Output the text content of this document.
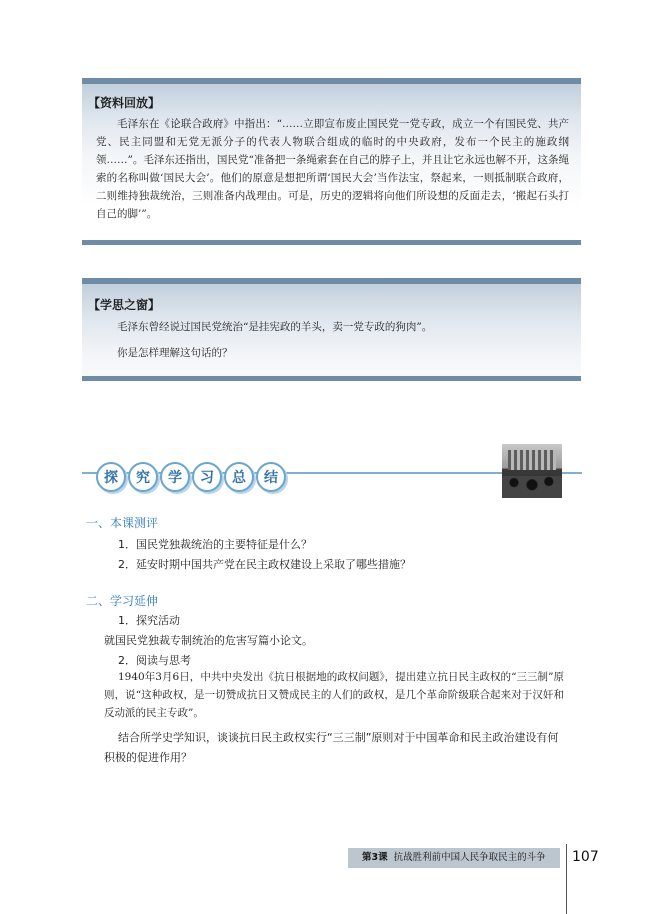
【资料回放】

毛泽东在《论联合政府》中指出：“……立即宣布废止国民党一党专政，成立一个有国民党、共产党、民主同盟和无党无派分子的代表人物联合组成的临时的中央政府，发布一个民主的施政纲领……”。毛泽东还指出，国民党“准备把一条绳索套在自己的脖子上，并且让它永远也解不开，这条绳索的名称叫做‘国民大会’。他们的原意是想把所谓‘国民大会’当作法宝，祭起来，一则抵制联合政府，二则维持独裁统治，三则准备内战理由。可是，历史的逻辑将向他们所设想的反面走去，‘搬起石头打自己的脚’”。

【学思之窗】

毛泽东曾经说过国民党统治“是挂宪政的羊头，卖一党专政的狗肉”。

你是怎样理解这句话的？

探	究	学	习	总	结
一、本课测评
1．国民党独裁统治的主要特征是什么？
2．延安时期中国共产党在民主政权建设上采取了哪些措施？
二、学习延伸
1．探究活动
就国民党独裁专制统治的危害写篇小论文。
2．阅读与思考

1940年3月6日，中共中央发出《抗日根据地的政权问题》，提出建立抗日民主政权的“三三制”原则，说“这种政权，是一切赞成抗日又赞成民主的人们的政权，是几个革命阶级联合起来对于汉奸和反动派的民主专政”。

结合所学史学知识，谈谈抗日民主政权实行“三三制”原则对于中国革命和民主政治建设有何积极的促进作用？

第3课 抗战胜利前中国人民争取民主的斗争	107
